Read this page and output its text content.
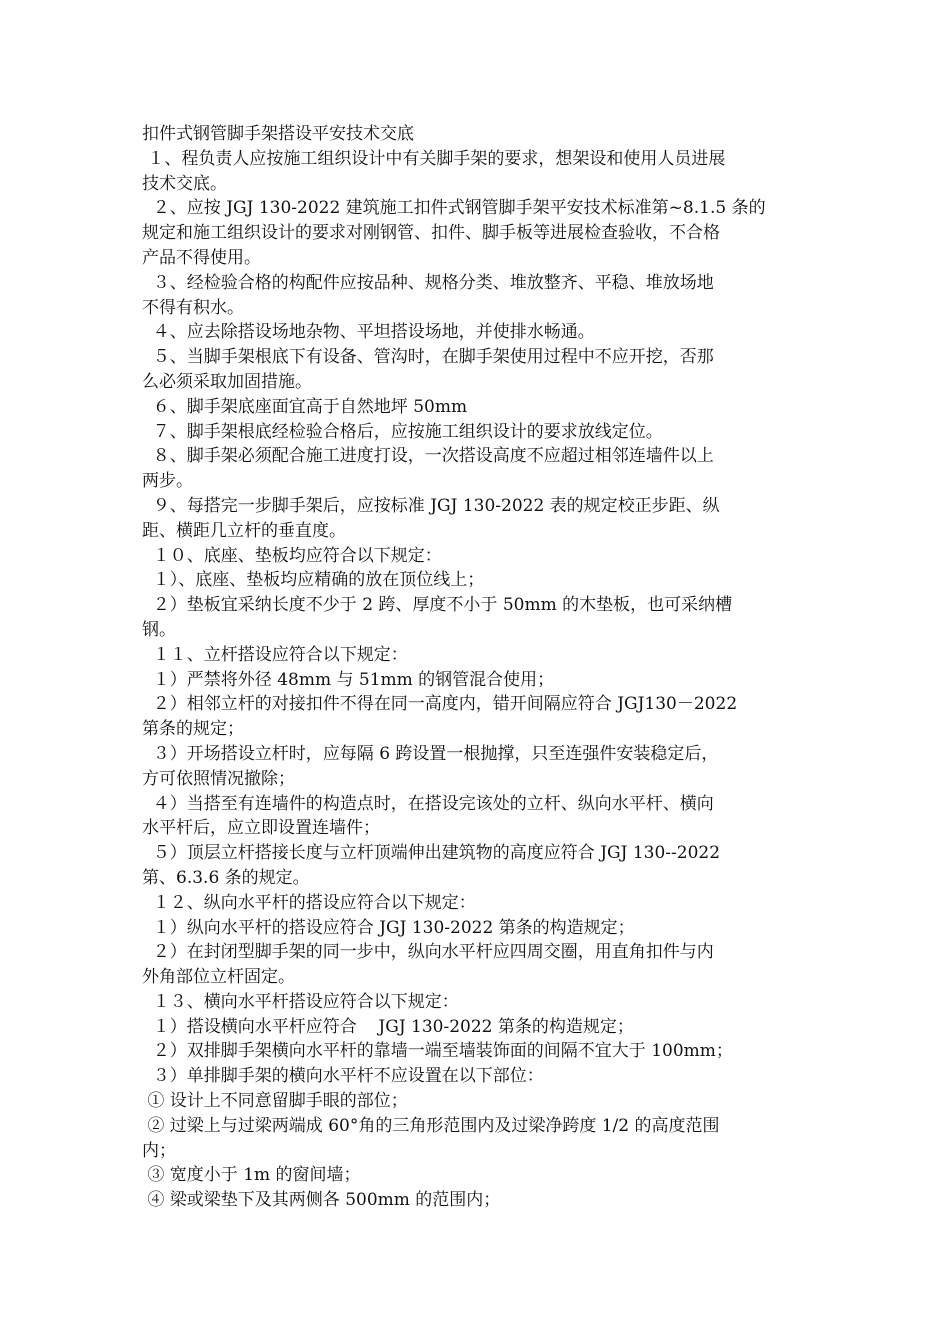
扣件式钢管脚手架搭设平安技术交底
１、程负责人应按施工组织设计中有关脚手架的要求，想架设和使用人员进展
技术交底。
２、应按 JGJ 130-2022 建筑施工扣件式钢管脚手架平安技术标准第~8.1.5 条的
规定和施工组织设计的要求对刚钢管、扣件、脚手板等进展检查验收，不合格
产品不得使用。
３、经检验合格的构配件应按品种、规格分类、堆放整齐、平稳、堆放场地
不得有积水。
４、应去除搭设场地杂物、平坦搭设场地，并使排水畅通。
５、当脚手架根底下有设备、管沟时，在脚手架使用过程中不应开挖，否那
么必须采取加固措施。
６、脚手架底座面宜高于自然地坪 50mm
７、脚手架根底经检验合格后，应按施工组织设计的要求放线定位。
８、脚手架必须配合施工进度打设，一次搭设高度不应超过相邻连墙件以上
两步。
９、每搭完一步脚手架后，应按标准 JGJ 130-2022 表的规定校正步距、纵
距、横距几立杆的垂直度。
１０、底座、垫板均应符合以下规定：
１）、底座、垫板均应精确的放在顶位线上；
２）垫板宜采纳长度不少于 2 跨、厚度不小于 50mm 的木垫板，也可采纳槽
钢。
１１、立杆搭设应符合以下规定：
１）严禁将外径 48mm 与 51mm 的钢管混合使用；
２）相邻立杆的对接扣件不得在同一高度内，错开间隔应符合 JGJ130－2022
第条的规定；
３）开场搭设立杆时，应每隔 6 跨设置一根抛撑，只至连强件安装稳定后，
方可依照情况撤除；
４）当搭至有连墙件的构造点时，在搭设完该处的立杆、纵向水平杆、横向
水平杆后，应立即设置连墙件；
５）顶层立杆搭接长度与立杆顶端伸出建筑物的高度应符合 JGJ 130--2022
第、6.3.6 条的规定。
１２、纵向水平杆的搭设应符合以下规定：
１）纵向水平杆的搭设应符合 JGJ 130-2022 第条的构造规定；
２）在封闭型脚手架的同一步中，纵向水平杆应四周交圈，用直角扣件与内
外角部位立杆固定。
１３、横向水平杆搭设应符合以下规定：
１）搭设横向水平杆应符合    JGJ 130-2022 第条的构造规定；
２）双排脚手架横向水平杆的靠墙一端至墙装饰面的间隔不宜大于 100mm；
３）单排脚手架的横向水平杆不应设置在以下部位：
① 设计上不同意留脚手眼的部位；
② 过梁上与过梁两端成 60°角的三角形范围内及过梁净跨度 1/2 的高度范围
内；
③ 宽度小于 1m 的窗间墙；
④ 梁或梁垫下及其两侧各 500mm 的范围内；
